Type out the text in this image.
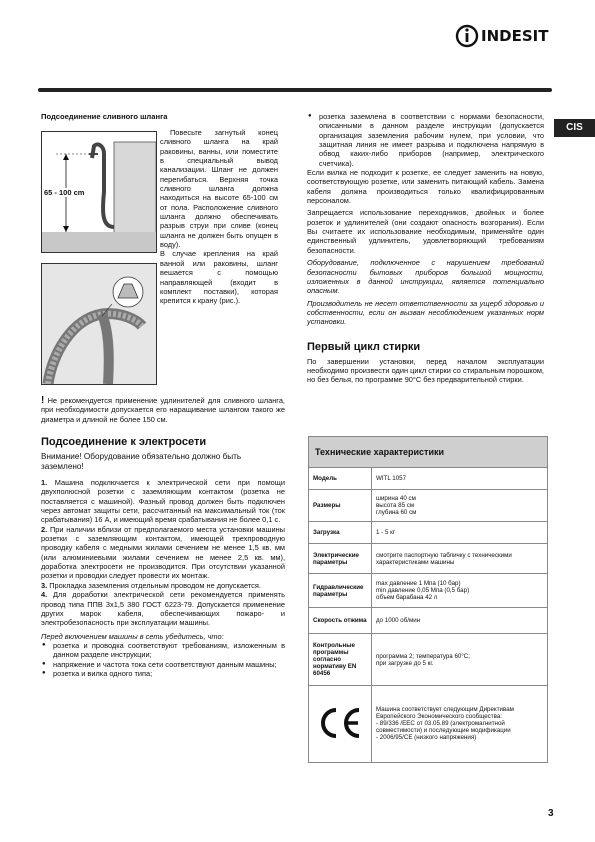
INDESIT
CIS

Подсоединение сливного шланга

65 - 100 cm

Повесьте загнутый конец сливного шланга на край раковины, ванны, или поместите в специальный вывод канализации. Шланг не должен перегибаться. Верхняя точка сливного шланга должна находиться на высоте 65-100 см от пола. Расположение сливного шланга должно обеспечивать разрыв струи при сливе (конец шланга не должен быть опущен в воду).

В случае крепления на край ванной или раковины, шланг вешается с помощью направляющей (входит в комплект поставки), которая крепится к крану (рис.).

! Не рекомендуется применение удлинителей для сливного шланга, при необходимости допускается его наращивание шлангом такого же диаметра и длиной не более 150 см.

Подсоединение к электросети

Внимание! Оборудование обязательно должно быть заземлено!

1. Машина подключается к электрической сети при помощи двухполюсной розетки с заземляющим контактом (розетка не поставляется с машиной). Фазный провод должен быть подключен через автомат защиты сети, рассчитанный на максимальный ток (ток срабатывания) 16 А, и имеющий время срабатывания не более 0,1 с.

2. При наличии вблизи от предполагаемого места установки машины розетки с заземляющим контактом, имеющей трехпроводную проводку кабеля с медными жилами сечением не менее 1,5 кв. мм (или алюминиевыми жилами сечением не менее 2,5 кв. мм), доработка электросети не производится. При отсутствии указанной розетки и проводки следует провести их монтаж.

3. Прокладка заземления отдельным проводом не допускается.

4. Для доработки электрической сети рекомендуется применять провод типа ППВ 3х1,5 380 ГОСТ 6223-79. Допускается применение других марок кабеля, обеспечивающих пожаро- и электробезопасность при эксплуатации машины.

Перед включением машины в сеть убедитесь, что:

● розетка и проводка соответствуют требованиям, изложенным в данном разделе инструкции;

● напряжение и частота тока сети соответствуют данным машины;

● розетка и вилка одного типа;

● розетка заземлена в соответствии с нормами безопасности, описанными в данном разделе инструкции (допускается организация заземления рабочим нулем, при условии, что защитная линия не имеет разрыва и подключена напрямую в обвод каких-либо приборов (например, электрического счетчика).

Если вилка не подходит к розетке, ее следует заменить на новую, соответствующую розетке, или заменить питающий кабель. Замена кабеля должна производиться только квалифицированным персоналом.

Запрещается использование переходников, двойных и более розеток и удлинителей (они создают опасность возгорания). Если Вы считаете их использование необходимым, применяйте один единственный удлинитель, удовлетворяющий требованиям безопасности.

Оборудование, подключенное с нарушением требований безопасности бытовых приборов большой мощности, изложенных в данной инструкции, является потенциально опасным.

Производитель не несет ответственности за ущерб здоровью и собственности, если он вызван несоблюдением указанных норм установки.

Первый цикл стирки

По завершении установки, перед началом эксплуатации необходимо произвести один цикл стирки со стиральным порошком, но без белья, по программе 90°С без предварительной стирки.

Технические характеристики
Модель	WITL 1057
Размеры	ширина 40 см
высота 85 см
глубина 60 см

Загрузка	1 - 5 кг
Электрические параметры	смотрите паспортную табличку с техническими характеристиками машины
Гидравлические параметры	max давление 1 Мпа (10 бар)
min давление 0,05 Мпа (0,5 бар)
объем барабана 42 л

Скорость отжима	до 1000 об/мин
Контрольные программы согласно нормативу EN 60456	программа 2; температура 60°С;
при загрузке до 5 кг.

Машина соответствует следующим Директивам Европейского Экономического сообщества:
- 89/336 /EEC от 03.05.89 (электромагнитной совместимости) и последующие модификации
- 2006/95/CE (низкого напряжения)
3
